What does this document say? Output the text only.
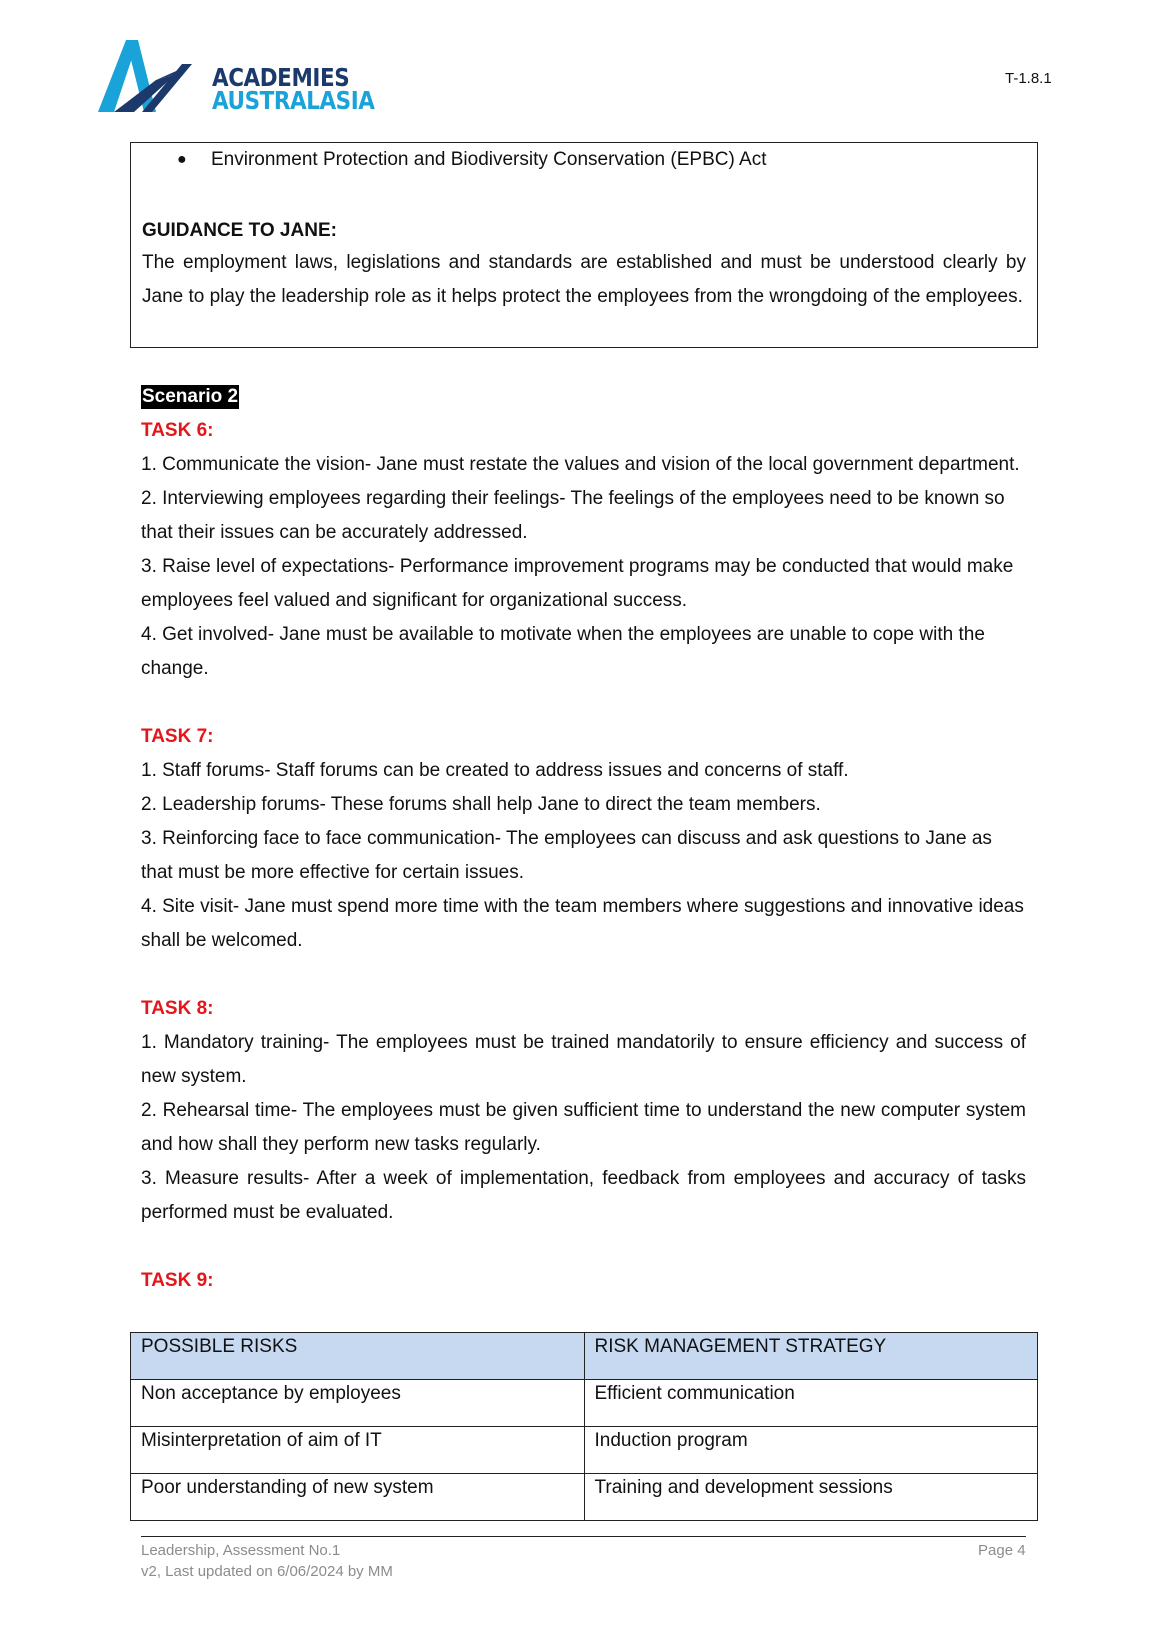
ACADEMIES
AUSTRALASIA
T-1.8.1
● Environment Protection and Biodiversity Conservation (EPBC) Act
GUIDANCE TO JANE:
The employment laws, legislations and standards are established and must be understood clearly by Jane to play the leadership role as it helps protect the employees from the wrongdoing of the employees.
Scenario 2
TASK 6:

1. Communicate the vision- Jane must restate the values and vision of the local government department.

2. Interviewing employees regarding their feelings- The feelings of the employees need to be known so that their issues can be accurately addressed.

3. Raise level of expectations- Performance improvement programs may be conducted that would make employees feel valued and significant for organizational success.

4. Get involved- Jane must be available to motivate when the employees are unable to cope with the change.

TASK 7:

1. Staff forums- Staff forums can be created to address issues and concerns of staff.

2. Leadership forums- These forums shall help Jane to direct the team members.

3. Reinforcing face to face communication- The employees can discuss and ask questions to Jane as that must be more effective for certain issues.

4. Site visit- Jane must spend more time with the team members where suggestions and innovative ideas shall be welcomed.

TASK 8:

1. Mandatory training- The employees must be trained mandatorily to ensure efficiency and success of new system.

2. Rehearsal time- The employees must be given sufficient time to understand the new computer system and how shall they perform new tasks regularly.

3. Measure results- After a week of implementation, feedback from employees and accuracy of tasks performed must be evaluated.

TASK 9:
POSSIBLE RISKS	RISK MANAGEMENT STRATEGY
Non acceptance by employees	Efficient communication
Misinterpretation of aim of IT	Induction program
Poor understanding of new system	Training and development sessions
Leadership, Assessment No.1
v2, Last updated on 6/06/2024 by MM
Page 4
